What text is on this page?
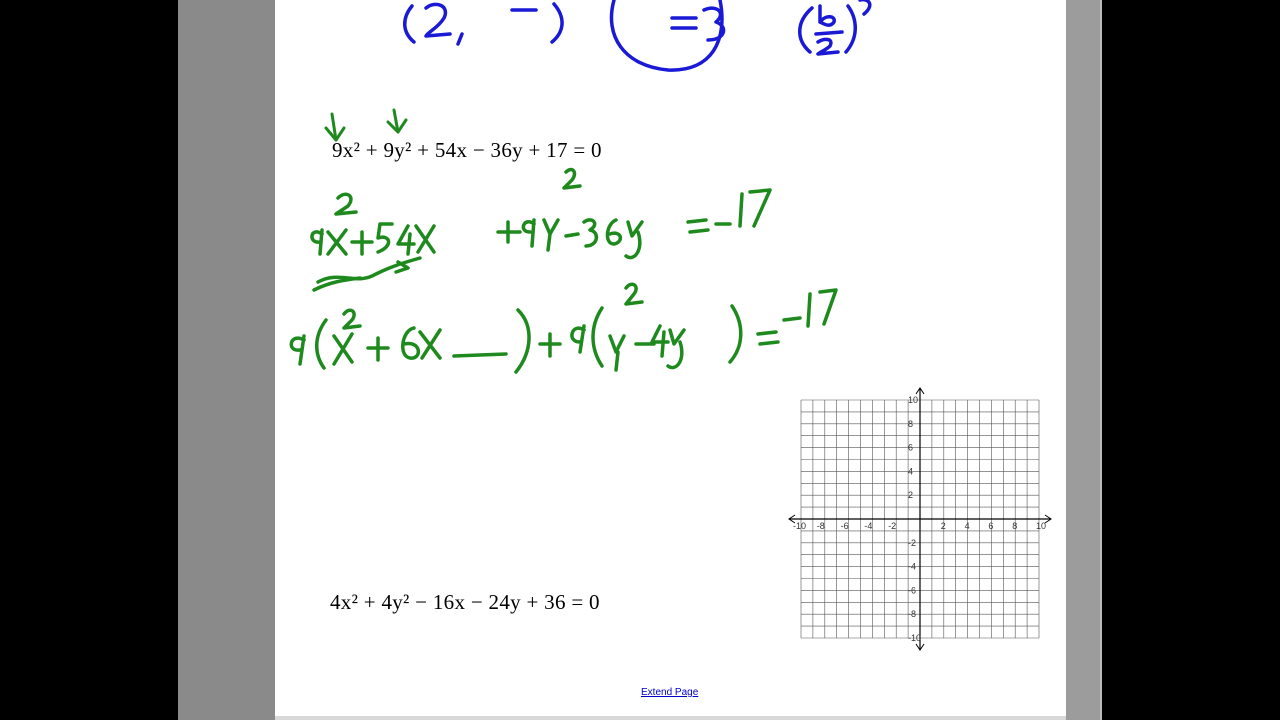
9x² + 9y² + 54x − 36y + 17 = 0
4x² + 4y² − 16x − 24y + 36 = 0
-10 -8 -6 -4 -2	2 4 6 8 10
10
8
6
4
2
-2
-4
-6
-8
-10
Extend Page
